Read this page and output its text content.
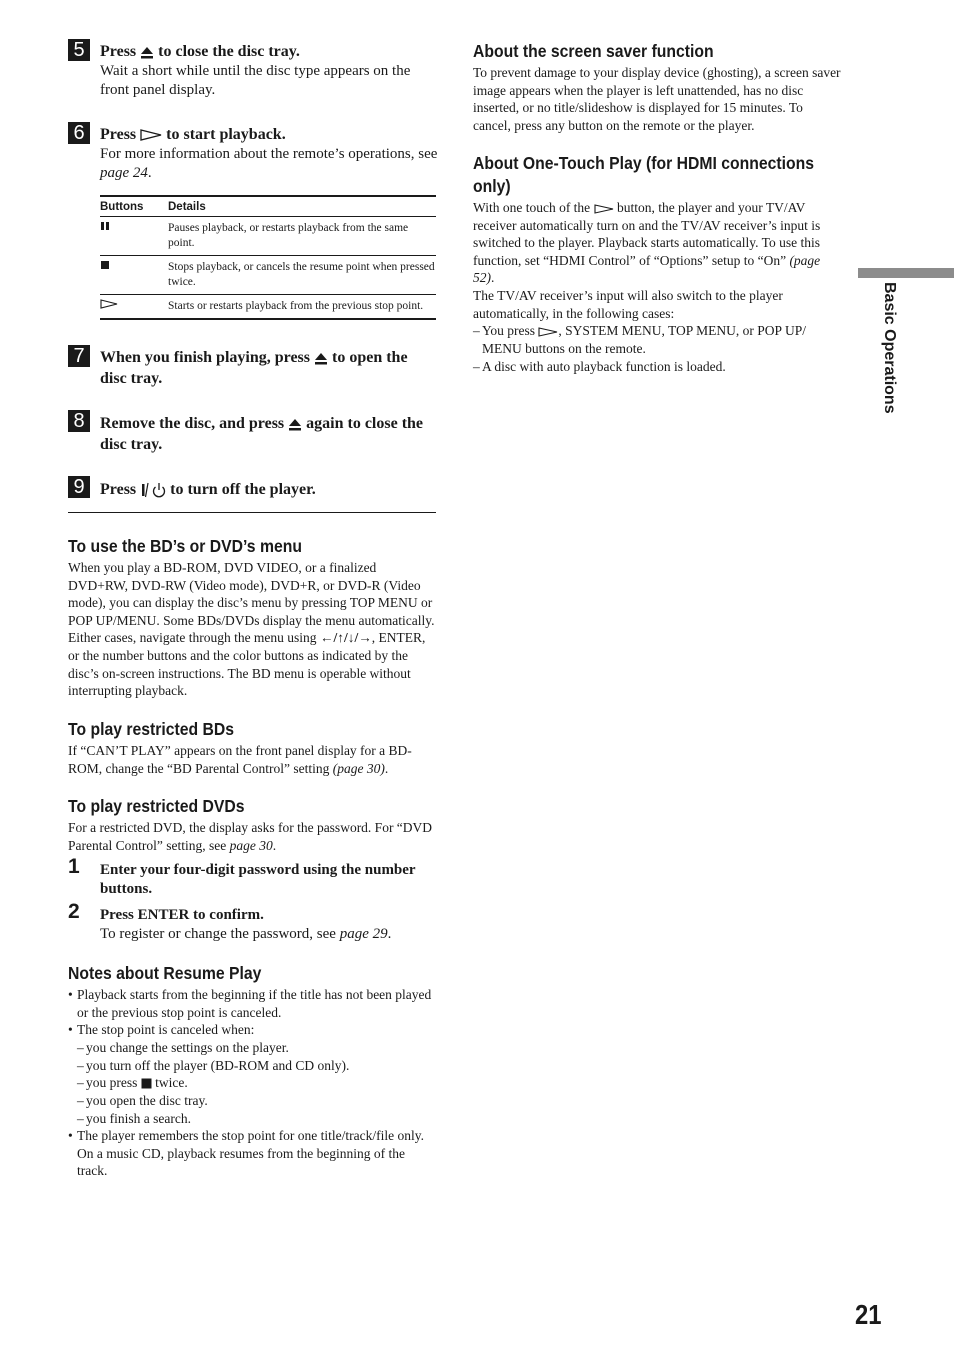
5 Press  to close the disc tray.
Wait a short while until the disc type appears on the front panel display.
6 Press  to start playback.
For more information about the remote’s operations, see page 24.
Buttons	Details
	Pauses playback, or restarts playback from the same point.
	Stops playback, or cancels the resume point when pressed twice.
	Starts or restarts playback from the previous stop point.
7 When you finish playing, press  to open the disc tray.
8 Remove the disc, and press  again to close the disc tray.
9 Press  to turn off the player.
To use the BD’s or DVD’s menu
When you play a BD-ROM, DVD VIDEO, or a finalized DVD+RW, DVD-RW (Video mode), DVD+R, or DVD-R (Video mode), you can display the disc’s menu by pressing TOP MENU or POP UP/MENU. Some BDs/DVDs display the menu automatically. Either cases, navigate through the menu using ←/↑/↓/→, ENTER, or the number buttons and the color buttons as indicated by the disc’s on-screen instructions. The BD menu is operable without interrupting playback.
To play restricted BDs
If “CAN’T PLAY” appears on the front panel display for a BD-ROM, change the “BD Parental Control” setting (page 30).
To play restricted DVDs
For a restricted DVD, the display asks for the password. For “DVD Parental Control” setting, see page 30.
1 Enter your four-digit password using the number buttons.
2 Press ENTER to confirm.
To register or change the password, see page 29.
Notes about Resume Play
• Playback starts from the beginning if the title has not been played or the previous stop point is canceled.
• The stop point is canceled when:
– you change the settings on the player.
– you turn off the player (BD-ROM and CD only).
– you press twice.
– you open the disc tray.
– you finish a search.
• The player remembers the stop point for one title/track/file only. On a music CD, playback resumes from the beginning of the track.
About the screen saver function
To prevent damage to your display device (ghosting), a screen saver image appears when the player is left unattended, has no disc inserted, or no title/slideshow is displayed for 15 minutes. To cancel, press any button on the remote or the player.
About One-Touch Play (for HDMI connections only)
With one touch of the  button, the player and your TV/AV receiver automatically turn on and the TV/AV receiver’s input is switched to the player. Playback starts automatically. To use this function, set “HDMI Control” of “Options” setup to “On” (page 52).
The TV/AV receiver’s input will also switch to the player automatically, in the following cases:
– You press , SYSTEM MENU, TOP MENU, or POP UP/ MENU buttons on the remote.
– A disc with auto playback function is loaded.	Basic Operations
21
